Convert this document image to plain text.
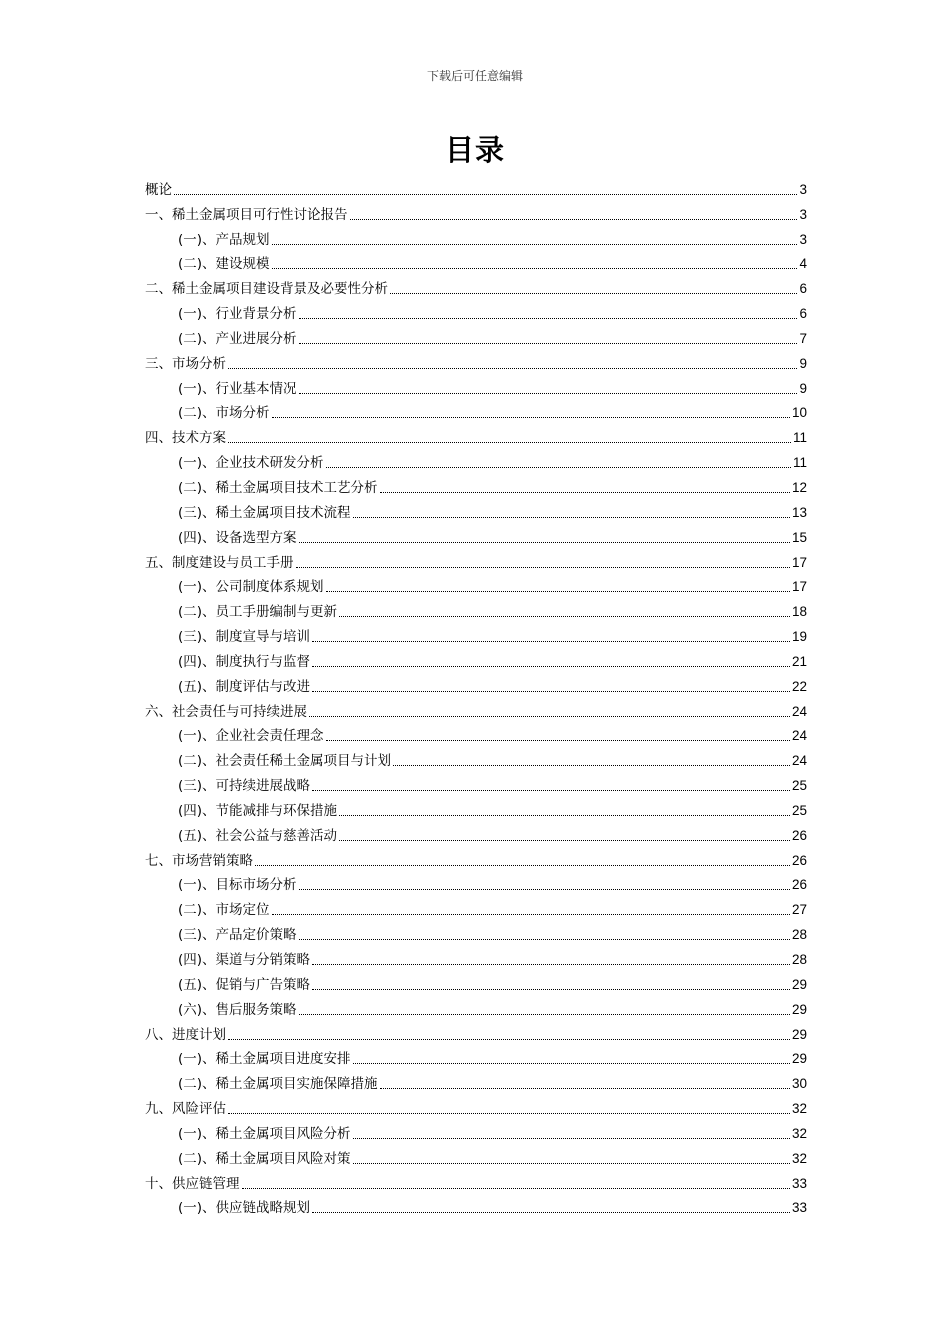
下载后可任意编辑
目录
概论	3
一、稀土金属项目可行性讨论报告	3
(一)、产品规划	3
(二)、建设规模	4
二、稀土金属项目建设背景及必要性分析	6
(一)、行业背景分析	6
(二)、产业进展分析	7
三、市场分析	9
(一)、行业基本情况	9
(二)、市场分析	10
四、技术方案	11
(一)、企业技术研发分析	11
(二)、稀土金属项目技术工艺分析	12
(三)、稀土金属项目技术流程	13
(四)、设备选型方案	15
五、制度建设与员工手册	17
(一)、公司制度体系规划	17
(二)、员工手册编制与更新	18
(三)、制度宣导与培训	19
(四)、制度执行与监督	21
(五)、制度评估与改进	22
六、社会责任与可持续进展	24
(一)、企业社会责任理念	24
(二)、社会责任稀土金属项目与计划	24
(三)、可持续进展战略	25
(四)、节能减排与环保措施	25
(五)、社会公益与慈善活动	26
七、市场营销策略	26
(一)、目标市场分析	26
(二)、市场定位	27
(三)、产品定价策略	28
(四)、渠道与分销策略	28
(五)、促销与广告策略	29
(六)、售后服务策略	29
八、进度计划	29
(一)、稀土金属项目进度安排	29
(二)、稀土金属项目实施保障措施	30
九、风险评估	32
(一)、稀土金属项目风险分析	32
(二)、稀土金属项目风险对策	32
十、供应链管理	33
(一)、供应链战略规划	33
